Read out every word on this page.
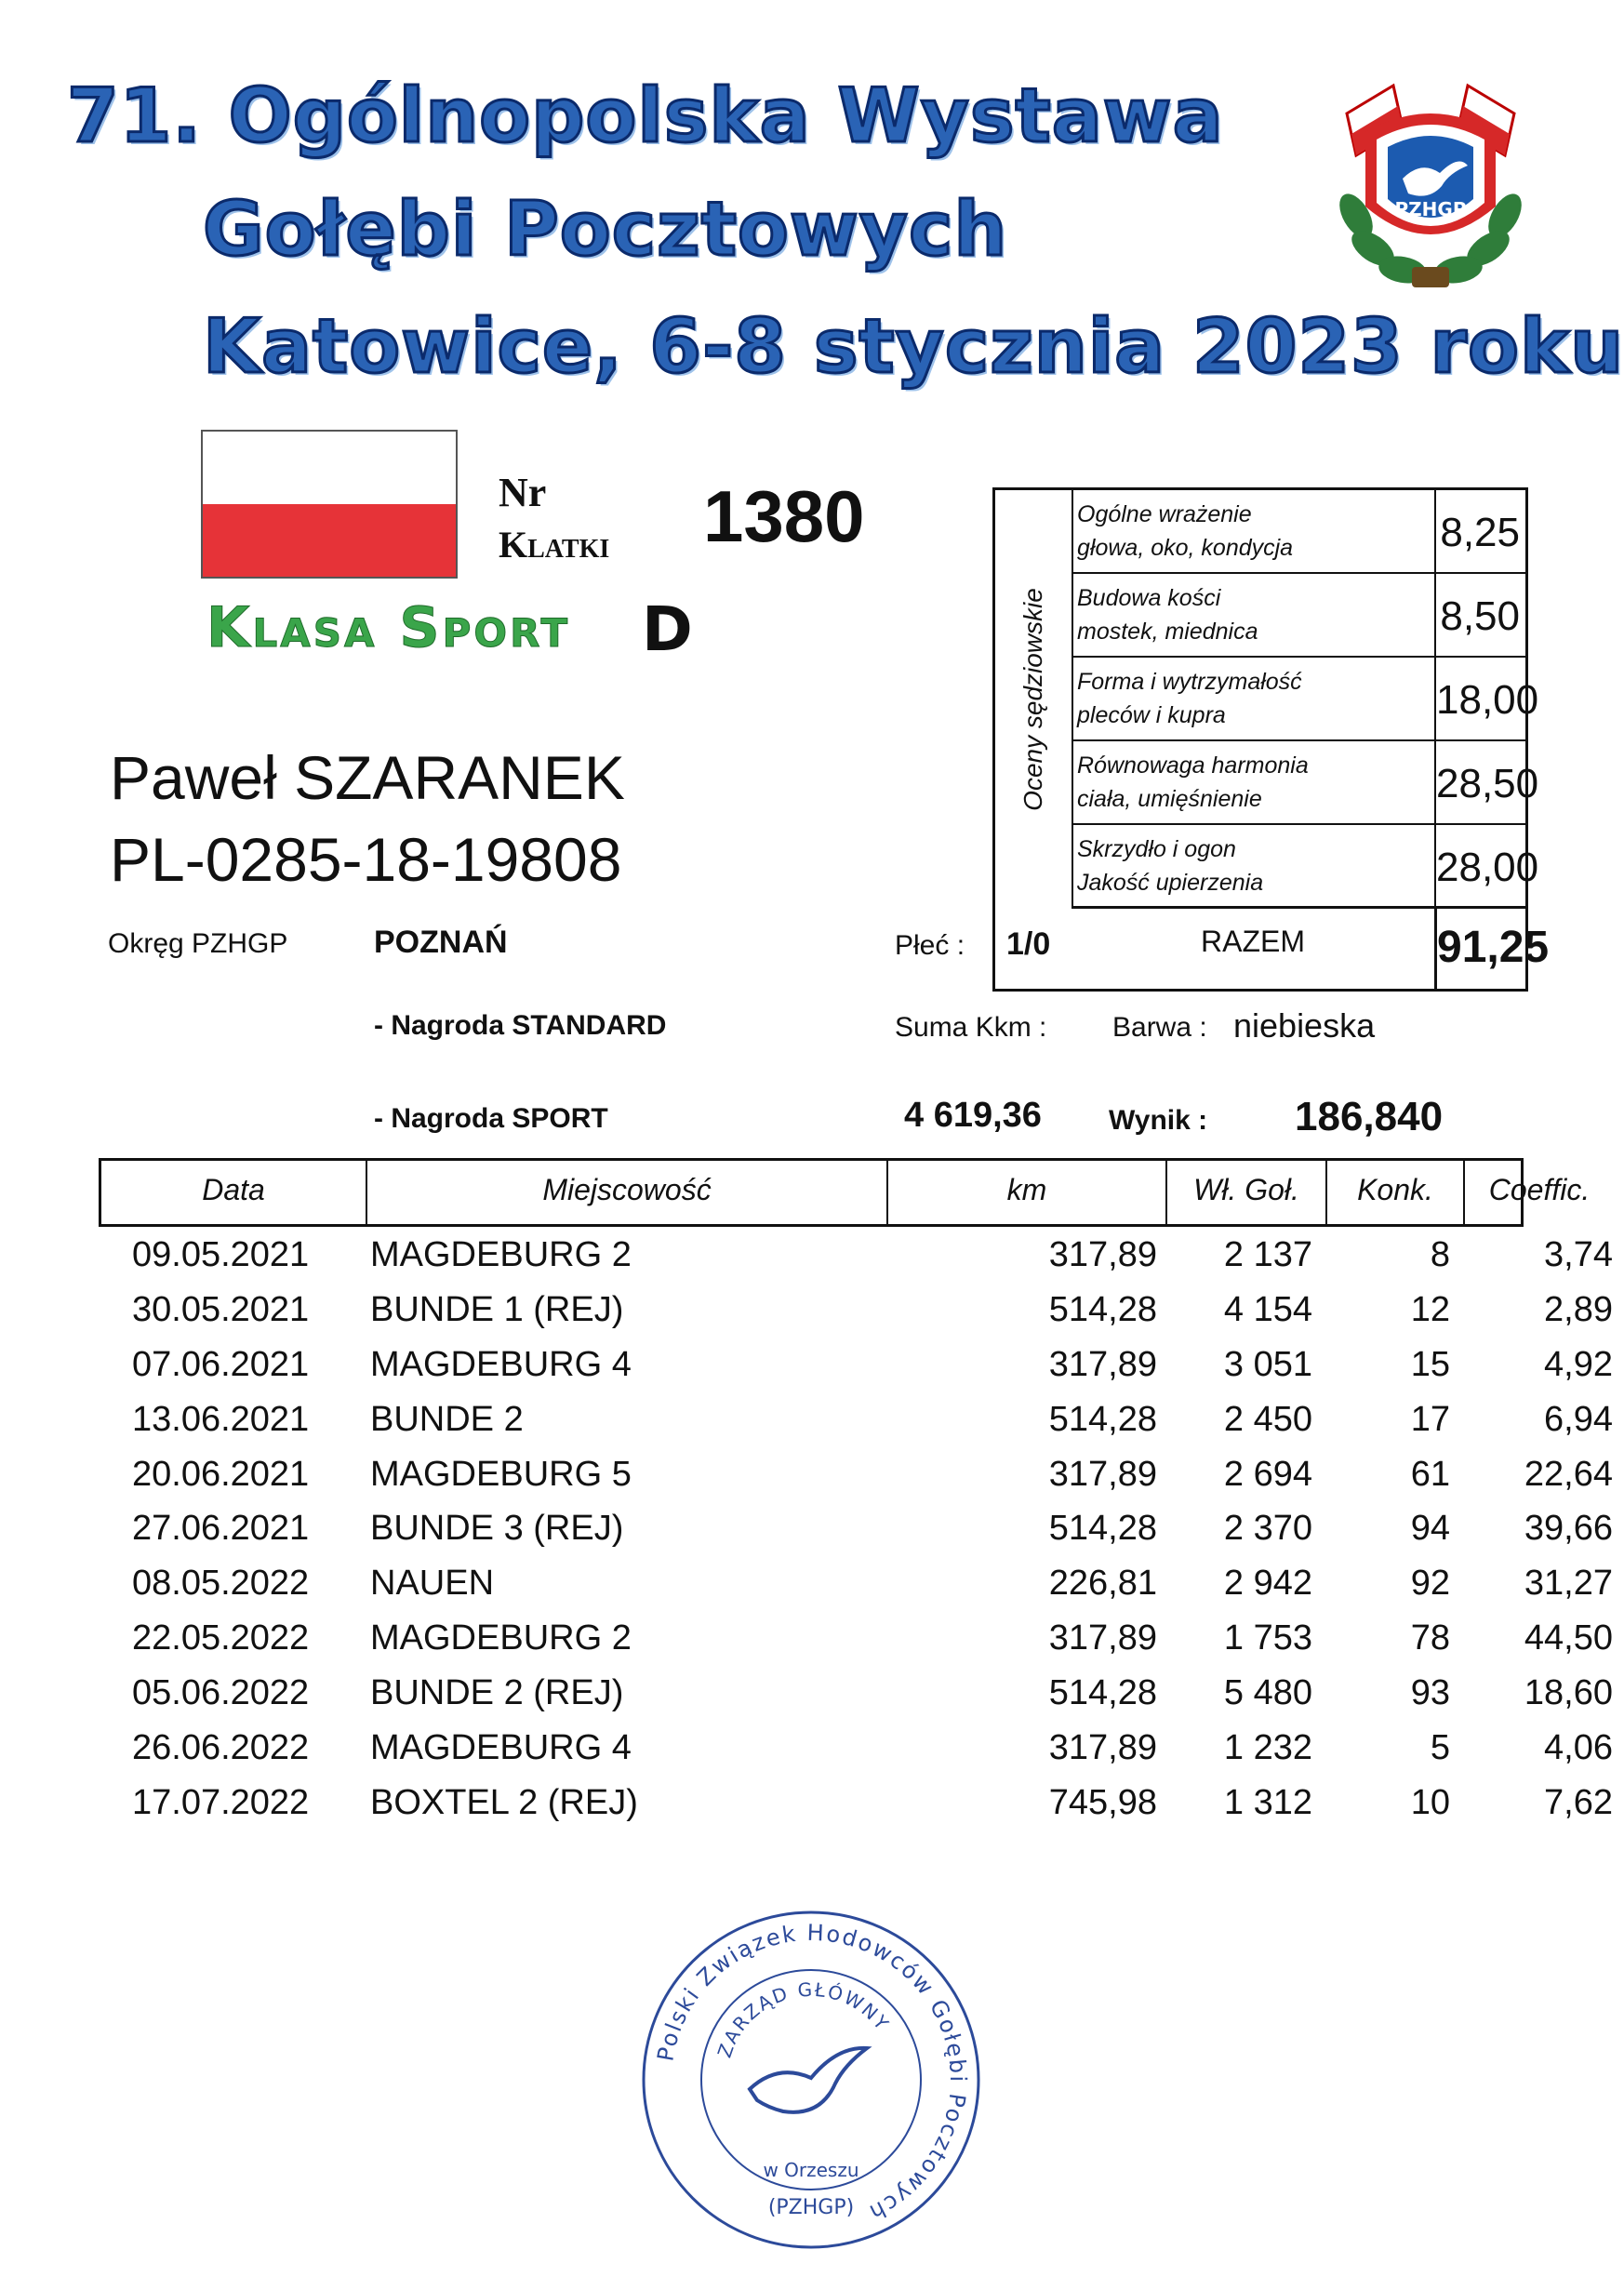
71. Ogólnopolska Wystawa
Gołębi Pocztowych
Katowice, 6-8 stycznia 2023 roku
PZHGP
Nr
Klatki 1380
Klasa Sport D
Paweł SZARANEK
PL-0285-18-19808
Oceny sędziowskie
Ogólne wrażenie
głowa, oko, kondycja	8,25
Budowa kości
mostek, miednica	8,50
Forma i wytrzymałość
pleców i kupra	18,00
Równowaga harmonia
ciała, umięśnienie	28,50
Skrzydło i ogon
Jakość upierzenia	28,00
RAZEM	91,25
Okręg PZHGP	POZNAŃ	Płeć : 1/0
- Nagroda STANDARD	Suma Kkm : Barwa : niebieska
- Nagroda SPORT	4 619,36 Wynik : 186,840
Data	Miejscowość	km	Wł. Goł.	Konk.	Coeffic.
09.05.2021 MAGDEBURG 2	317,89	2 137	8	3,74
30.05.2021 BUNDE 1 (REJ)	514,28	4 154	12	2,89
07.06.2021 MAGDEBURG 4	317,89	3 051	15	4,92
13.06.2021 BUNDE 2	514,28	2 450	17	6,94
20.06.2021 MAGDEBURG 5	317,89	2 694	61	22,64
27.06.2021 BUNDE 3 (REJ)	514,28	2 370	94	39,66
08.05.2022 NAUEN	226,81	2 942	92	31,27
22.05.2022 MAGDEBURG 2	317,89	1 753	78	44,50
05.06.2022 BUNDE 2 (REJ)	514,28	5 480	93	18,60
26.06.2022 MAGDEBURG 4	317,89	1 232	5	4,06
17.07.2022 BOXTEL 2 (REJ)	745,98	1 312	10	7,62
Polski Związek Hodowców Gołębi Pocztowych
ZARZĄD GŁÓWNY
w Orzeszu
(PZHGP)
